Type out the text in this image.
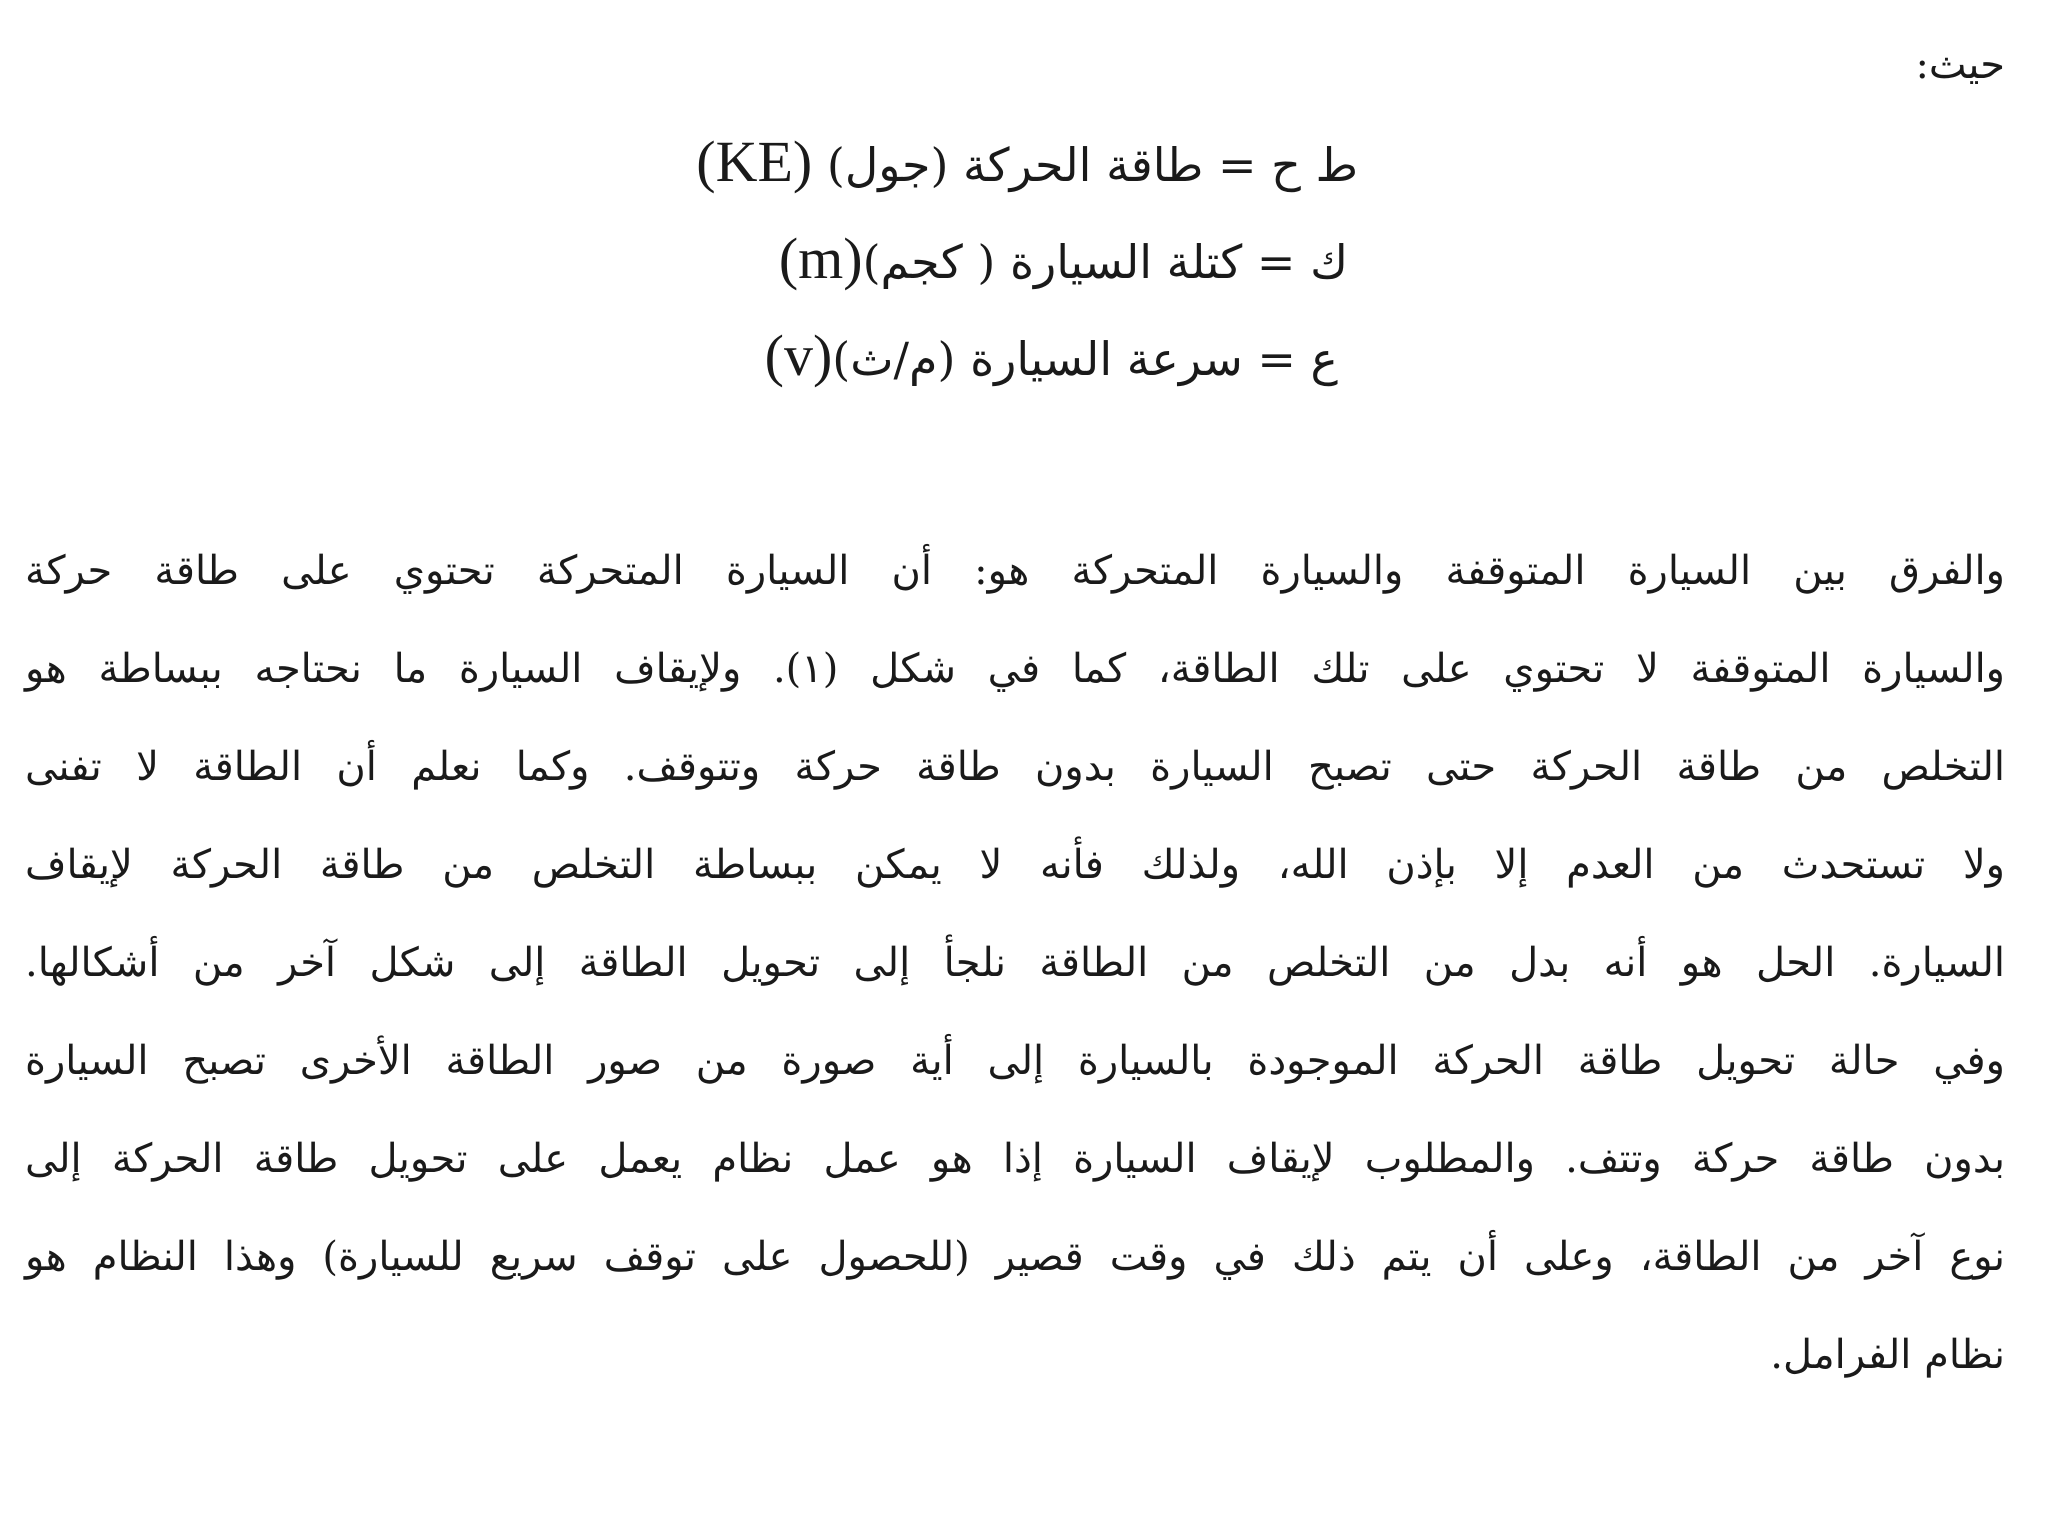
حيث:

ط ح = طاقة الحركة (جول) (KE)
ك = كتلة السيارة ( كجم)(m)
ع = سرعة السيارة (م/ث)(v)

والفرق بين السيارة المتوقفة والسيارة المتحركة هو: أن السيارة المتحركة تحتوي على طاقة حركة
والسيارة المتوقفة لا تحتوي على تلك الطاقة، كما في شكل (١). ولإيقاف السيارة ما نحتاجه ببساطة هو
التخلص من طاقة الحركة حتى تصبح السيارة بدون طاقة حركة وتتوقف. وكما نعلم أن الطاقة لا تفنى
ولا تستحدث من العدم إلا بإذن الله، ولذلك فأنه لا يمكن ببساطة التخلص من طاقة الحركة لإيقاف
السيارة. الحل هو أنه بدل من التخلص من الطاقة نلجأ إلى تحويل الطاقة إلى شكل آخر من أشكالها.
وفي حالة تحويل طاقة الحركة الموجودة بالسيارة إلى أية صورة من صور الطاقة الأخرى تصبح السيارة
بدون طاقة حركة وتتف. والمطلوب لإيقاف السيارة إذا هو عمل نظام يعمل على تحويل طاقة الحركة إلى
نوع آخر من الطاقة، وعلى أن يتم ذلك في وقت قصير (للحصول على توقف سريع للسيارة) وهذا النظام هو
نظام الفرامل.
